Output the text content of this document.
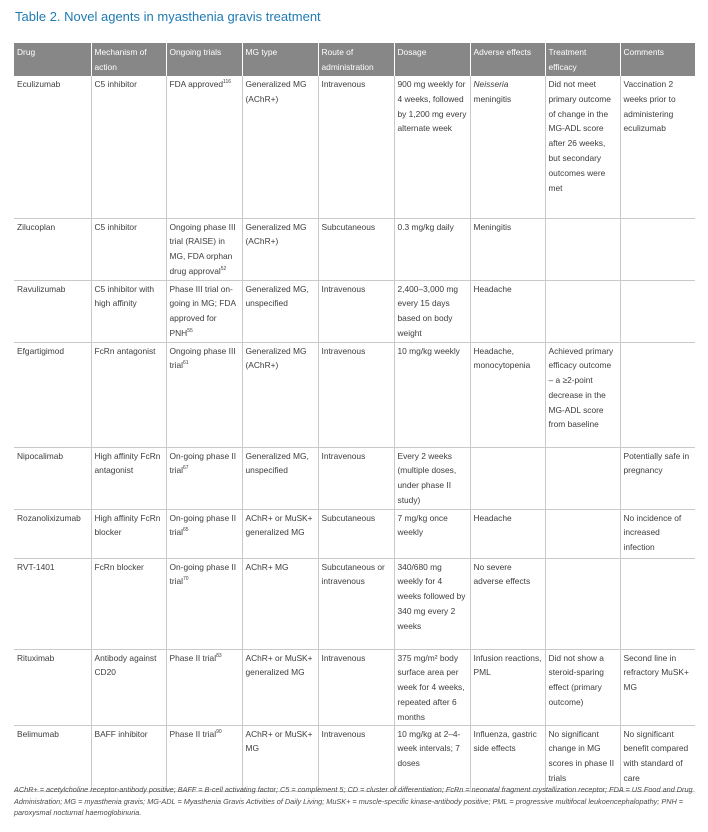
Table 2. Novel agents in myasthenia gravis treatment
Drug	Mechanism of action	Ongoing trials	MG type	Route of administration	Dosage	Adverse effects	Treatment efficacy	Comments
Eculizumab	C5 inhibitor	FDA approved$^{116}$	Generalized MG (AChR+)	Intravenous	900 mg weekly for 4 weeks, followed by 1,200 mg every alternate week	Neisseria meningitis	Did not meet primary outcome of change in the MG-ADL score after 26 weeks, but secondary outcomes were met	Vaccination 2 weeks prior to administering eculizumab
Zilucoplan	C5 inhibitor	Ongoing phase III trial (RAISE) in MG, FDA orphan drug approval$^{52}$	Generalized MG (AChR+)	Subcutaneous	0.3 mg/kg daily	Meningitis		
Ravulizumab	C5 inhibitor with high affinity	Phase III trial on-going in MG; FDA approved for PNH$^{55}$	Generalized MG, unspecified	Intravenous	2,400–3,000 mg every 15 days based on body weight	Headache		
Efgartigimod	FcRn antagonist	Ongoing phase III trial$^{61}$	Generalized MG (AChR+)	Intravenous	10 mg/kg weekly	Headache, monocytopenia	Achieved primary efficacy outcome – a ≥2-point decrease in the MG-ADL score from baseline	
Nipocalimab	High affinity FcRn antagonist	On-going phase II trial$^{67}$	Generalized MG, unspecified	Intravenous	Every 2 weeks (multiple doses, under phase II study)			Potentially safe in pregnancy
Rozanolixizumab	High affinity FcRn blocker	On-going phase II trial$^{65}$	AChR+ or MuSK+ generalized MG	Subcutaneous	7 mg/kg once weekly	Headache		No incidence of increased infection
RVT-1401	FcRn blocker	On-going phase II trial$^{70}$	AChR+ MG	Subcutaneous or intravenous	340/680 mg weekly for 4 weeks followed by 340 mg every 2 weeks	No severe adverse effects		
Rituximab	Antibody against CD20	Phase II trial$^{83}$	AChR+ or MuSK+ generalized MG	Intravenous	375 mg/m² body surface area per week for 4 weeks, repeated after 6 months	Infusion reactions, PML	Did not show a steroid-sparing effect (primary outcome)	Second line in refractory MuSK+ MG
Belimumab	BAFF inhibitor	Phase II trial$^{90}$	AChR+ or MuSK+ MG	Intravenous	10 mg/kg at 2–4-week intervals; 7 doses	Influenza, gastric side effects	No significant change in MG scores in phase II trials	No significant benefit compared with standard of care
AChR+ = acetylcholine receptor-antibody positive; BAFF = B-cell activating factor; C5 = complement 5; CD = cluster of differentiation; FcRn = neonatal fragment crystallization receptor; FDA = US Food and Drug Administration; MG = myasthenia gravis; MG-ADL = Myasthenia Gravis Activities of Daily Living; MuSK+ = muscle-specific kinase-antibody positive; PML = progressive multifocal leukoencephalopathy; PNH = paroxysmal nocturnal haemoglobinuria.
